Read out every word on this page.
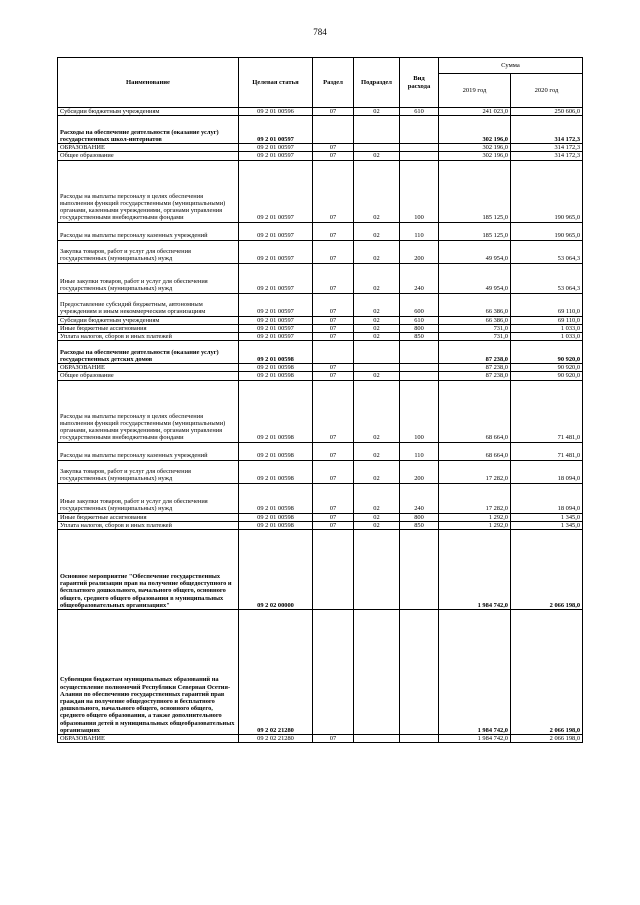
784
Наименование	Целевая статья	Раздел	Подраздел	Вид расхода	Сумма	
					2019 год	2020 год
Субсидии бюджетным учреждениям	09 2 01 00596	07	02	610	241 023,0	250 606,0
Расходы на обеспечение деятельности (оказание услуг) государственных школ-интернатов	09 2 01 00597				302 196,0	314 172,3
ОБРАЗОВАНИЕ	09 2 01 00597	07			302 196,0	314 172,3
Общее образование	09 2 01 00597	07	02		302 196,0	314 172,3
Расходы на выплаты персоналу в целях обеспечения выполнения функций государственными (муниципальными) органами, казенными учреждениями, органами управления государственными внебюджетными фондами	09 2 01 00597	07	02	100	185 125,0	190 965,0
Расходы на выплаты персоналу казенных учреждений	09 2 01 00597	07	02	110	185 125,0	190 965,0
Закупка товаров, работ и услуг для обеспечения государственных (муниципальных) нужд	09 2 01 00597	07	02	200	49 954,0	53 064,3
Иные закупки товаров, работ и услуг для обеспечения государственных (муниципальных) нужд	09 2 01 00597	07	02	240	49 954,0	53 064,3
Предоставление субсидий бюджетным, автономным учреждениям и иным некоммерческим организациям	09 2 01 00597	07	02	600	66 386,0	69 110,0
Субсидии бюджетным учреждениям	09 2 01 00597	07	02	610	66 386,0	69 110,0
Иные бюджетные ассигнования	09 2 01 00597	07	02	800	731,0	1 033,0
Уплата налогов, сборов и иных платежей	09 2 01 00597	07	02	850	731,0	1 033,0
Расходы на обеспечение деятельности (оказание услуг) государственных детских домов	09 2 01 00598				87 238,0	90 920,0
ОБРАЗОВАНИЕ	09 2 01 00598	07			87 238,0	90 920,0
Общее образование	09 2 01 00598	07	02		87 238,0	90 920,0
Расходы на выплаты персоналу в целях обеспечения выполнения функций государственными (муниципальными) органами, казенными учреждениями, органами управления государственными внебюджетными фондами	09 2 01 00598	07	02	100	68 664,0	71 481,0
Расходы на выплаты персоналу казенных учреждений	09 2 01 00598	07	02	110	68 664,0	71 481,0
Закупка товаров, работ и услуг для обеспечения государственных (муниципальных) нужд	09 2 01 00598	07	02	200	17 282,0	18 094,0
Иные закупки товаров, работ и услуг для обеспечения государственных (муниципальных) нужд	09 2 01 00598	07	02	240	17 282,0	18 094,0
Иные бюджетные ассигнования	09 2 01 00598	07	02	800	1 292,0	1 345,0
Уплата налогов, сборов и иных платежей	09 2 01 00598	07	02	850	1 292,0	1 345,0
Основное мероприятие "Обеспечение государственных гарантий реализации прав на получение общедоступного и бесплатного дошкольного, начального общего, основного общего, среднего общего образования в муниципальных общеобразовательных организациях"	09 2 02 00000				1 984 742,0	2 066 198,0
Субвенции бюджетам муниципальных образований на осуществление полномочий Республики Северная Осетия-Алания по обеспечению государственных гарантий прав граждан на получение общедоступного и бесплатного дошкольного, начального общего, основного общего, среднего общего образования, а также дополнительного образования детей в муниципальных общеобразовательных организациях	09 2 02 21280				1 984 742,0	2 066 198,0
ОБРАЗОВАНИЕ	09 2 02 21280	07			1 984 742,0	2 066 198,0
